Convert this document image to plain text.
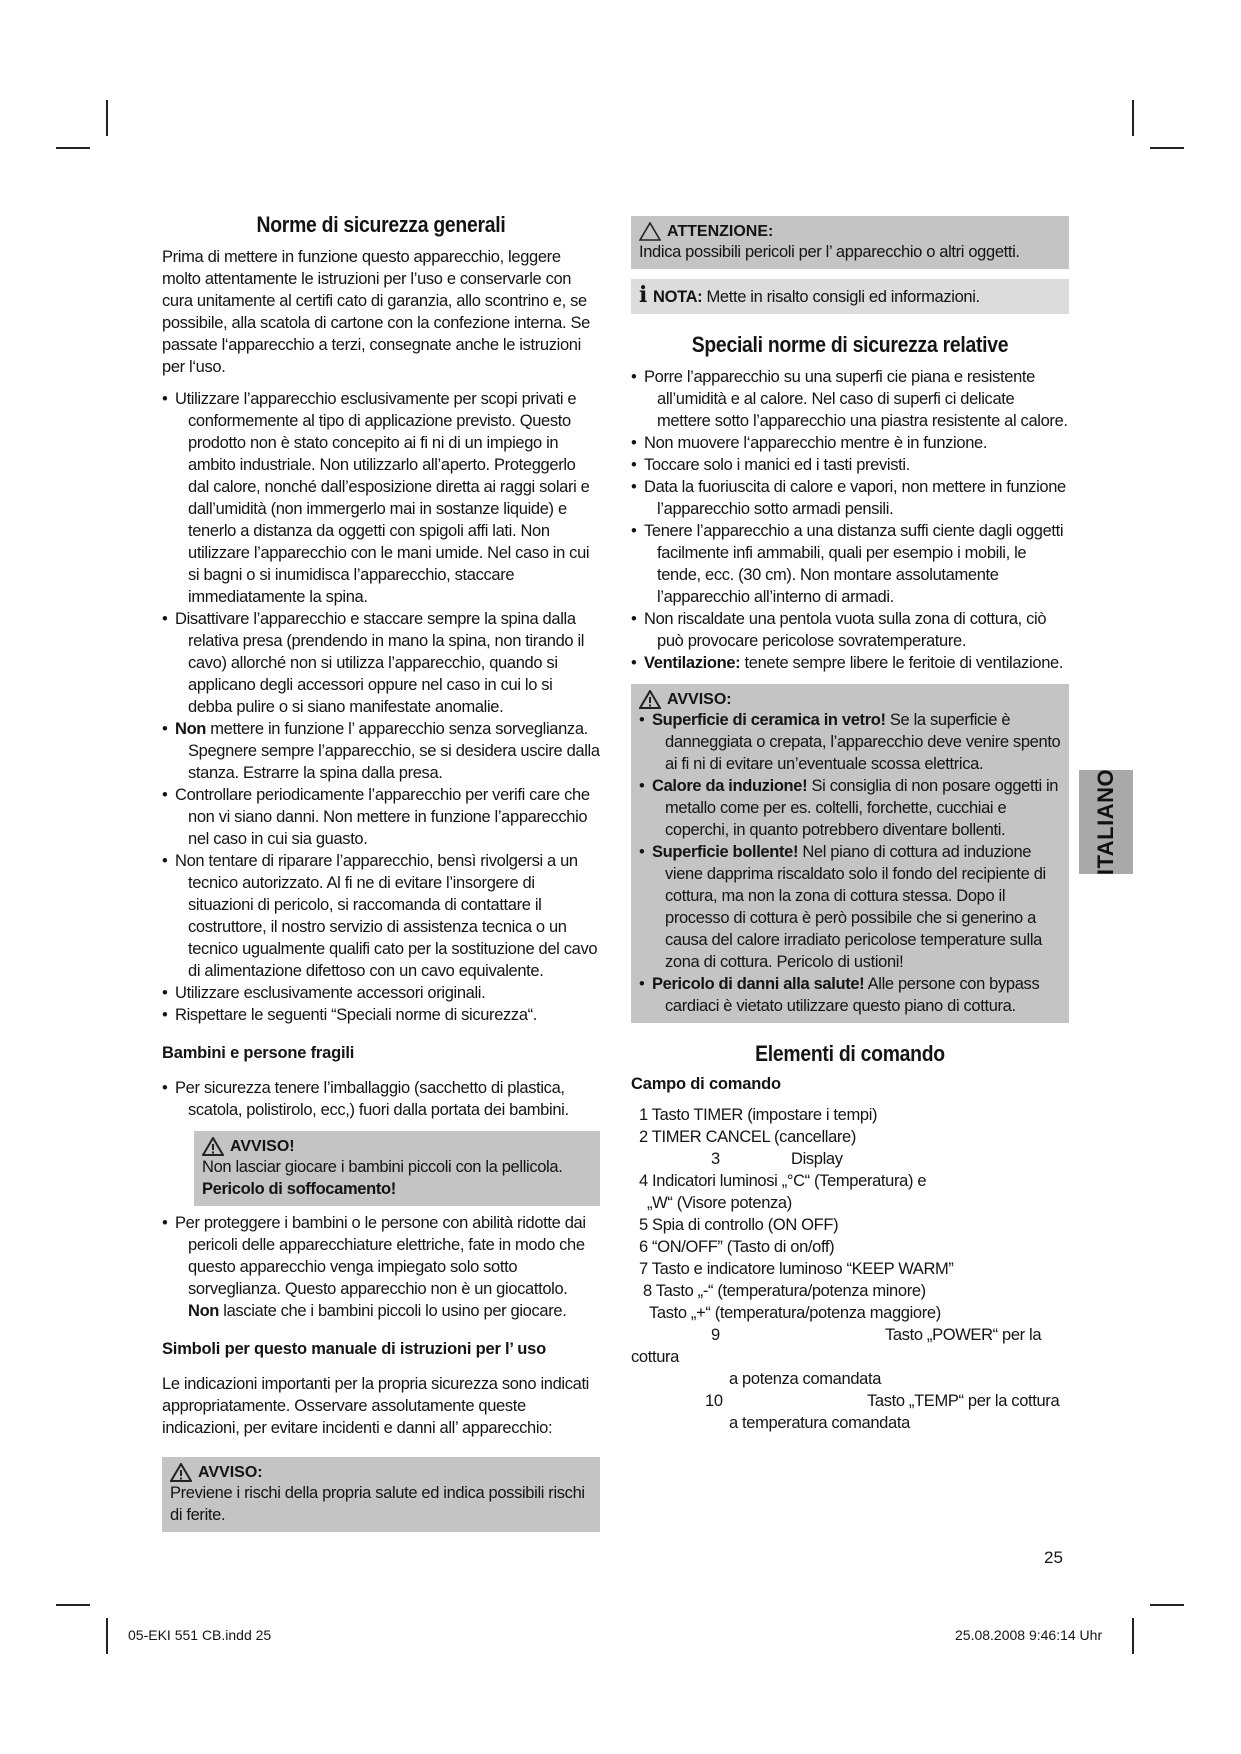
Norme di sicurezza generali

Prima di mettere in funzione questo apparecchio, leggere molto attentamente le istruzioni per l’uso e conservarle con cura unitamente al certifi cato di garanzia, allo scontrino e, se possibile, alla scatola di cartone con la confezione interna. Se passate l‘apparecchio a terzi, consegnate anche le istruzioni per l‘uso.

• Utilizzare l’apparecchio esclusivamente per scopi privati e conformemente al tipo di applicazione previsto. Questo prodotto non è stato concepito ai fi ni di un impiego in ambito industriale. Non utilizzarlo all’aperto. Proteggerlo dal calore, nonché dall’esposizione diretta ai raggi solari e dall’umidità (non immergerlo mai in sostanze liquide) e tenerlo a distanza da oggetti con spigoli affi lati. Non utilizzare l’apparecchio con le mani umide. Nel caso in cui si bagni o si inumidisca l’apparecchio, staccare immediatamente la spina.
• Disattivare l’apparecchio e staccare sempre la spina dalla relativa presa (prendendo in mano la spina, non tirando il cavo) allorché non si utilizza l’apparecchio, quando si applicano degli accessori oppure nel caso in cui lo si debba pulire o si siano manifestate anomalie.
• Non mettere in funzione l’ apparecchio senza sorveglianza. Spegnere sempre l’apparecchio, se si desidera uscire dalla stanza. Estrarre la spina dalla presa.
• Controllare periodicamente l’apparecchio per verifi care che non vi siano danni. Non mettere in funzione l’apparecchio nel caso in cui sia guasto.
• Non tentare di riparare l’apparecchio, bensì rivolgersi a un tecnico autorizzato. Al fi ne di evitare l’insorgere di situazioni di pericolo, si raccomanda di contattare il costruttore, il nostro servizio di assistenza tecnica o un tecnico ugualmente qualifi cato per la sostituzione del cavo di alimentazione difettoso con un cavo equivalente.
• Utilizzare esclusivamente accessori originali.
• Rispettare le seguenti “Speciali norme di sicurezza“.
Bambini e persone fragili
• Per sicurezza tenere l’imballaggio (sacchetto di plastica, scatola, polistirolo, ecc,) fuori dalla portata dei bambini.
AVVISO!

Non lasciar giocare i bambini piccoli con la pellicola.

Pericolo di soffocamento!

• Per proteggere i bambini o le persone con abilità ridotte dai pericoli delle apparecchiature elettriche, fate in modo che questo apparecchio venga impiegato solo sotto sorveglianza. Questo apparecchio non è un giocattolo. Non lasciate che i bambini piccoli lo usino per giocare.
Simboli per questo manuale di istruzioni per l’ uso

Le indicazioni importanti per la propria sicurezza sono indicati appropriatamente. Osservare assolutamente queste indicazioni, per evitare incidenti e danni all’ apparecchio:

AVVISO:

Previene i rischi della propria salute ed indica possibili rischi di ferite.

ATTENZIONE:

Indica possibili pericoli per l’ apparecchio o altri oggetti.

i NOTA: Mette in risalto consigli ed informazioni.

Speciali norme di sicurezza relative
• Porre l’apparecchio su una superfi cie piana e resistente all’umidità e al calore. Nel caso di superfi ci delicate mettere sotto l’apparecchio una piastra resistente al calore.
• Non muovere l‘apparecchio mentre è in funzione.
• Toccare solo i manici ed i tasti previsti.
• Data la fuoriuscita di calore e vapori, non mettere in funzione l’apparecchio sotto armadi pensili.
• Tenere l’apparecchio a una distanza suffi ciente dagli oggetti facilmente infi ammabili, quali per esempio i mobili, le tende, ecc. (30 cm). Non montare assolutamente l’apparecchio all’interno di armadi.
• Non riscaldate una pentola vuota sulla zona di cottura, ciò può provocare pericolose sovratemperature.
• Ventilazione: tenete sempre libere le feritoie di ventilazione.
AVVISO:
• Superficie di ceramica in vetro! Se la superficie è danneggiata o crepata, l’apparecchio deve venire spento ai fi ni di evitare un’eventuale scossa elettrica.
• Calore da induzione! Si consiglia di non posare oggetti in metallo come per es. coltelli, forchette, cucchiai e coperchi, in quanto potrebbero diventare bollenti.
• Superficie bollente! Nel piano di cottura ad induzione viene dapprima riscaldato solo il fondo del recipiente di cottura, ma non la zona di cottura stessa. Dopo il processo di cottura è però possibile che si generino a causa del calore irradiato pericolose temperature sulla zona di cottura. Pericolo di ustioni!
• Pericolo di danni alla salute! Alle persone con bypass cardiaci è vietato utilizzare questo piano di cottura.
Elementi di comando
Campo di comando
1 Tasto TIMER (impostare i tempi)
2 TIMER CANCEL (cancellare)
3	Display
4 Indicatori luminosi „°C“ (Temperatura) e
„W“ (Visore potenza)
5 Spia di controllo (ON OFF)
6 “ON/OFF” (Tasto di on/off)
7 Tasto e indicatore luminoso “KEEP WARM”
8 Tasto „-“ (temperatura/potenza minore)
Tasto „+“ (temperatura/potenza maggiore)
9	Tasto „POWER“ per la cottura
a potenza comandata
10	Tasto „TEMP“ per la cottura
a temperatura comandata
ITALIANO
25
05-EKI 551 CB.indd 25	25.08.2008 9:46:14 Uhr
